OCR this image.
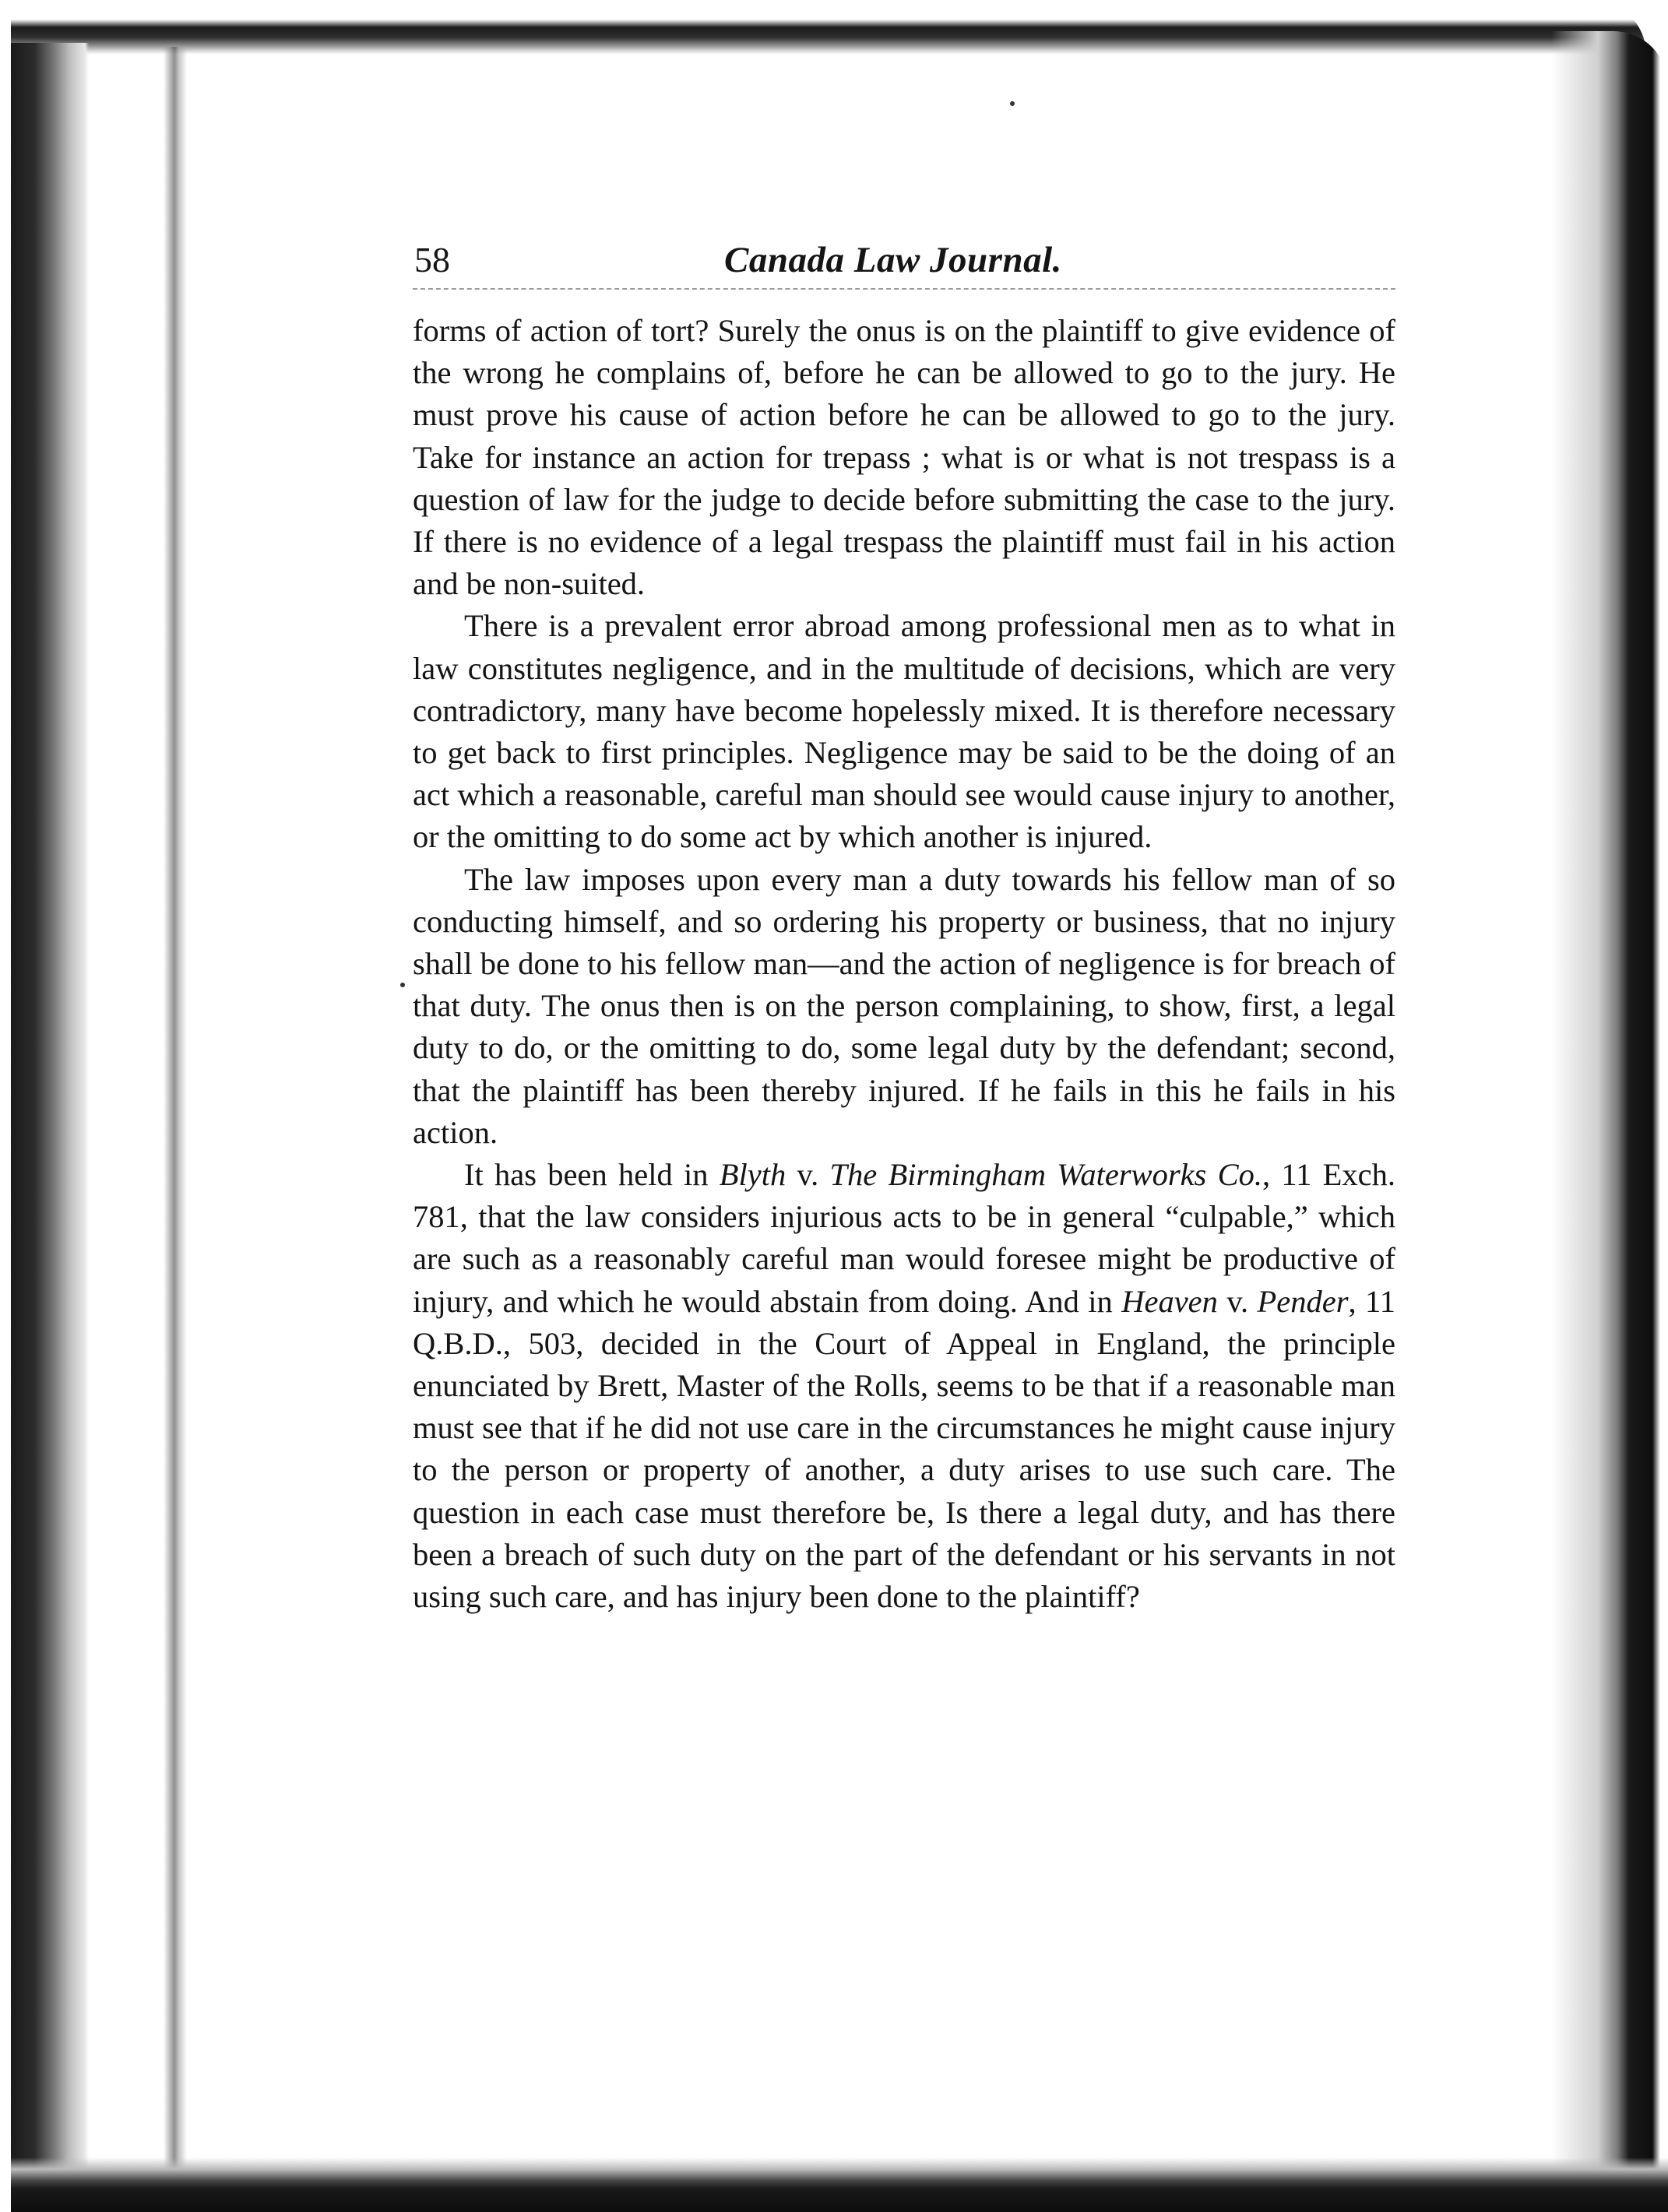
58	Canada Law Journal.

forms of action of tort? Surely the onus is on the plaintiff to give evidence of the wrong he complains of, before he can be allowed to go to the jury. He must prove his cause of action before he can be allowed to go to the jury. Take for instance an action for trepass ; what is or what is not trespass is a question of law for the judge to decide before submitting the case to the jury. If there is no evidence of a legal trespass the plaintiff must fail in his action and be non-suited.

There is a prevalent error abroad among professional men as to what in law constitutes negligence, and in the multitude of decisions, which are very contradictory, many have become hopelessly mixed. It is therefore necessary to get back to first principles. Negligence may be said to be the doing of an act which a reasonable, careful man should see would cause injury to another, or the omitting to do some act by which another is injured.

The law imposes upon every man a duty towards his fellow man of so conducting himself, and so ordering his property or business, that no injury shall be done to his fellow man—and the action of negligence is for breach of that duty. The onus then is on the person complaining, to show, first, a legal duty to do, or the omitting to do, some legal duty by the defendant; second, that the plaintiff has been thereby injured. If he fails in this he fails in his action.

It has been held in Blyth v. The Birmingham Waterworks Co., 11 Exch. 781, that the law considers injurious acts to be in general “culpable,” which are such as a reasonably careful man would foresee might be productive of injury, and which he would abstain from doing. And in Heaven v. Pender, 11 Q.B.D., 503, decided in the Court of Appeal in England, the principle enunciated by Brett, Master of the Rolls, seems to be that if a reasonable man must see that if he did not use care in the circumstances he might cause injury to the person or property of another, a duty arises to use such care. The question in each case must therefore be, Is there a legal duty, and has there been a breach of such duty on the part of the defendant or his servants in not using such care, and has injury been done to the plaintiff?
